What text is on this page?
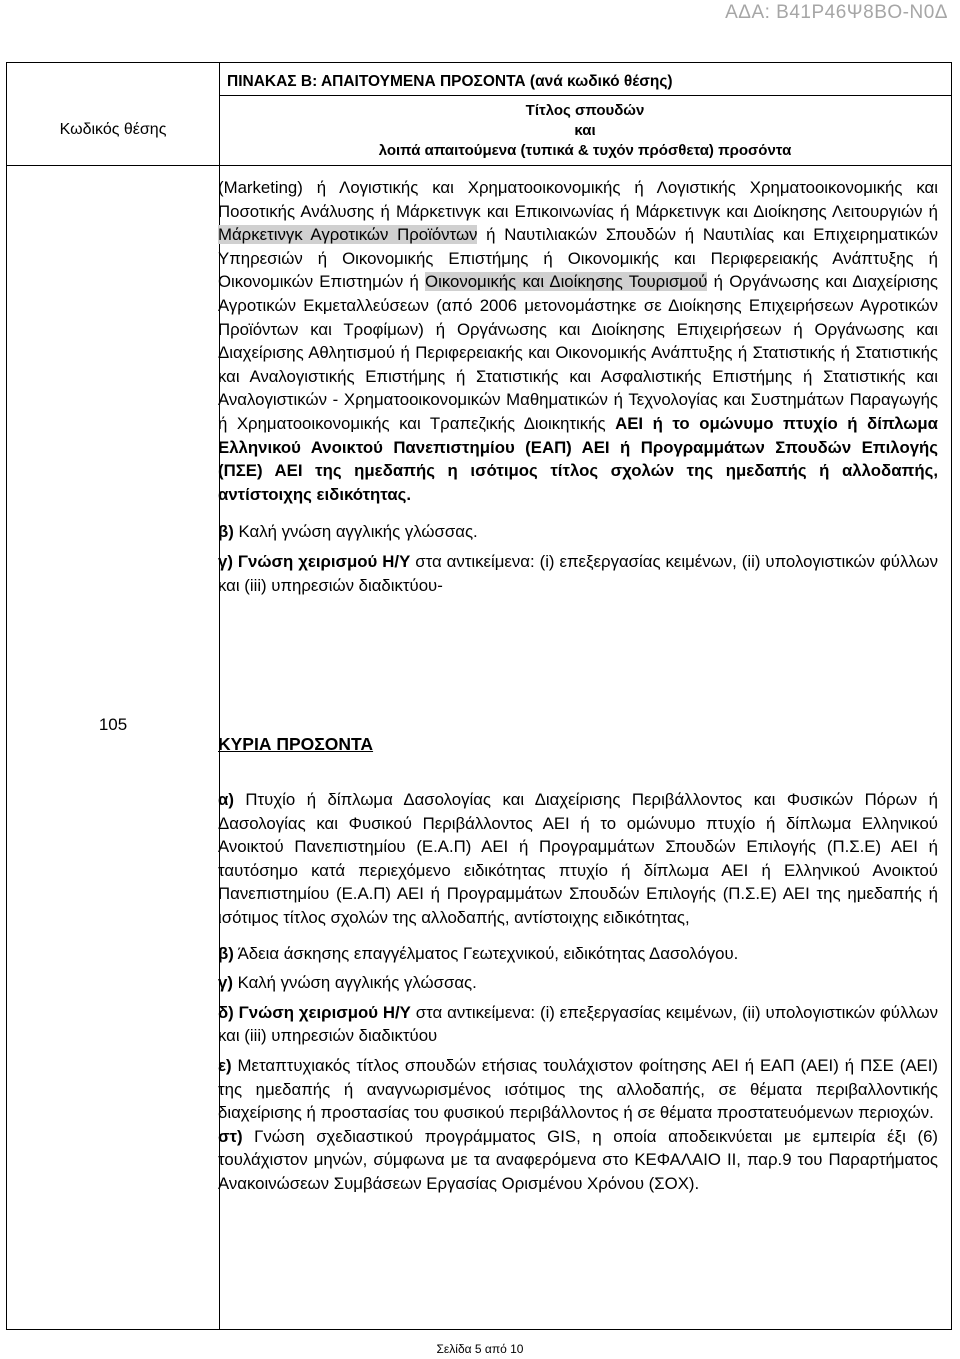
ΑΔΑ: Β41Ρ46Ψ8ΒΟ-Ν0Δ
ΠΙΝΑΚΑΣ Β: ΑΠΑΙΤΟΥΜΕΝΑ ΠΡΟΣΟΝΤΑ (ανά κωδικό θέσης)
Κωδικός θέσης
Τίτλος σπουδών
και
λοιπά απαιτούμενα (τυπικά & τυχόν πρόσθετα) προσόντα
105

(Marketing) ή Λογιστικής και Χρηματοοικονομικής ή Λογιστικής Χρηματοοικονομικής και Ποσοτικής Ανάλυσης ή Μάρκετινγκ και Επικοινωνίας ή Μάρκετινγκ και Διοίκησης Λειτουργιών ή Μάρκετινγκ Αγροτικών Προϊόντων ή Ναυτιλιακών Σπουδών ή Ναυτιλίας και Επιχειρηματικών Υπηρεσιών ή Οικονομικής Επιστήμης ή Οικονομικής και Περιφερειακής Ανάπτυξης ή Οικονομικών Επιστημών ή Οικονομικής και Διοίκησης Τουρισμού ή Οργάνωσης και Διαχείρισης Αγροτικών Εκμεταλλεύσεων (από 2006 μετονομάστηκε σε Διοίκησης Επιχειρήσεων Αγροτικών Προϊόντων και Τροφίμων) ή Οργάνωσης και Διοίκησης Επιχειρήσεων ή Οργάνωσης και Διαχείρισης Αθλητισμού ή Περιφερειακής και Οικονομικής Ανάπτυξης ή Στατιστικής ή Στατιστικής και Αναλογιστικής Επιστήμης ή Στατιστικής και Ασφαλιστικής Επιστήμης ή Στατιστικής και Αναλογιστικών - Χρηματοοικονομικών Μαθηματικών ή Τεχνολογίας και Συστημάτων Παραγωγής ή Χρηματοοικονομικής και Τραπεζικής Διοικητικής ΑΕΙ ή το ομώνυμο πτυχίο ή δίπλωμα Ελληνικού Ανοικτού Πανεπιστημίου (ΕΑΠ) ΑΕΙ ή Προγραμμάτων Σπουδών Επιλογής (ΠΣΕ) ΑΕΙ της ημεδαπής η ισότιμος τίτλος σχολών της ημεδαπής ή αλλοδαπής, αντίστοιχης ειδικότητας.

β) Καλή γνώση αγγλικής γλώσσας.

γ) Γνώση χειρισμού Η/Υ στα αντικείμενα: (i) επεξεργασίας κειμένων, (ii) υπολογιστικών φύλλων και (iii) υπηρεσιών διαδικτύου-

ΚΥΡΙΑ ΠΡΟΣΟΝΤΑ

α) Πτυχίο ή δίπλωμα Δασολογίας και Διαχείρισης Περιβάλλοντος και Φυσικών Πόρων ή Δασολογίας και Φυσικού Περιβάλλοντος ΑΕΙ ή το ομώνυμο πτυχίο ή δίπλωμα Ελληνικού Ανοικτού Πανεπιστημίου (Ε.Α.Π) ΑΕΙ ή Προγραμμάτων Σπουδών Επιλογής (Π.Σ.Ε) ΑΕΙ ή ταυτόσημο κατά περιεχόμενο ειδικότητας πτυχίο ή δίπλωμα ΑΕΙ ή Ελληνικού Ανοικτού Πανεπιστημίου (Ε.Α.Π) ΑΕΙ ή Προγραμμάτων Σπουδών Επιλογής (Π.Σ.Ε) ΑΕΙ της ημεδαπής ή ισότιμος τίτλος σχολών της αλλοδαπής, αντίστοιχης ειδικότητας,

β) Άδεια άσκησης επαγγέλματος Γεωτεχνικού, ειδικότητας Δασολόγου.

γ) Καλή γνώση αγγλικής γλώσσας.

δ) Γνώση χειρισμού Η/Υ στα αντικείμενα: (i) επεξεργασίας κειμένων, (ii) υπολογιστικών φύλλων και (iii) υπηρεσιών διαδικτύου

ε) Μεταπτυχιακός τίτλος σπουδών ετήσιας τουλάχιστον φοίτησης ΑΕΙ ή ΕΑΠ (ΑΕΙ) ή ΠΣΕ (ΑΕΙ) της ημεδαπής ή αναγνωρισμένος ισότιμος της αλλοδαπής, σε θέματα περιβαλλοντικής διαχείρισης ή προστασίας του φυσικού περιβάλλοντος ή σε θέματα προστατευόμενων περιοχών.

στ) Γνώση σχεδιαστικού προγράμματος GIS, η οποία αποδεικνύεται με εμπειρία έξι (6) τουλάχιστον μηνών, σύμφωνα με τα αναφερόμενα στο ΚΕΦΑΛΑΙΟ ΙΙ, παρ.9 του Παραρτήματος Ανακοινώσεων Συμβάσεων Εργασίας Ορισμένου Χρόνου (ΣΟΧ).

Σελίδα 5 από 10
